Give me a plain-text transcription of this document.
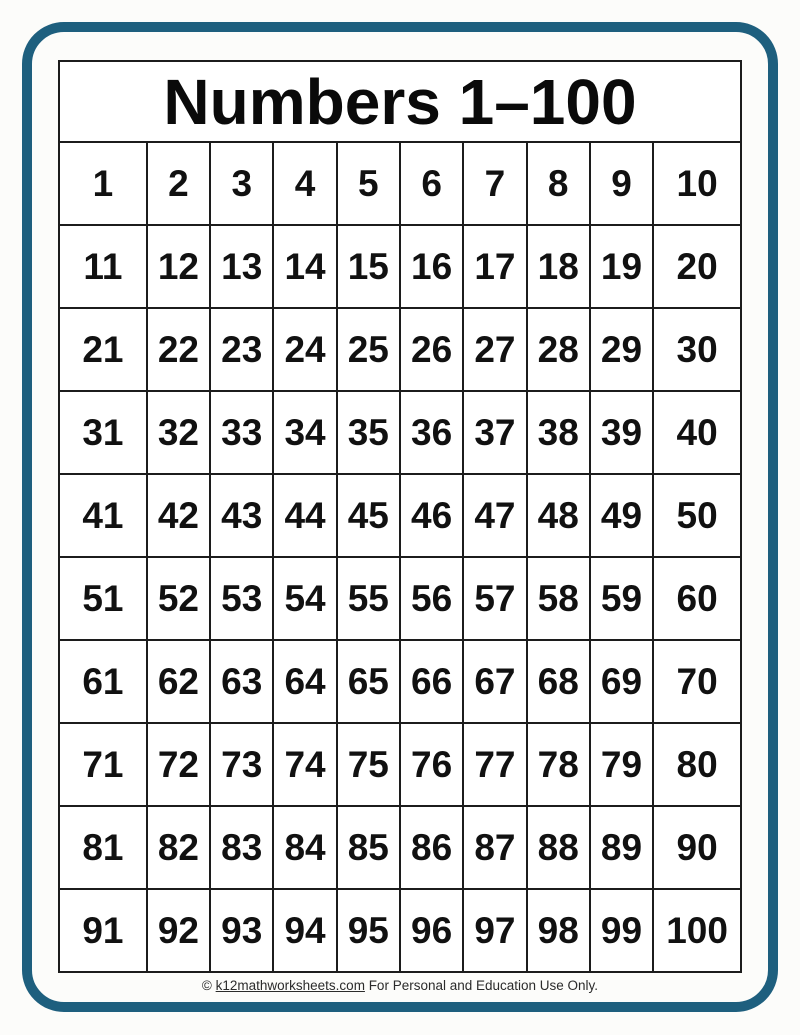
Numbers 1–100									
1	2	3	4	5	6	7	8	9	10
11	12	13	14	15	16	17	18	19	20
21	22	23	24	25	26	27	28	29	30
31	32	33	34	35	36	37	38	39	40
41	42	43	44	45	46	47	48	49	50
51	52	53	54	55	56	57	58	59	60
61	62	63	64	65	66	67	68	69	70
71	72	73	74	75	76	77	78	79	80
81	82	83	84	85	86	87	88	89	90
91	92	93	94	95	96	97	98	99	100
© k12mathworksheets.com For Personal and Education Use Only.
